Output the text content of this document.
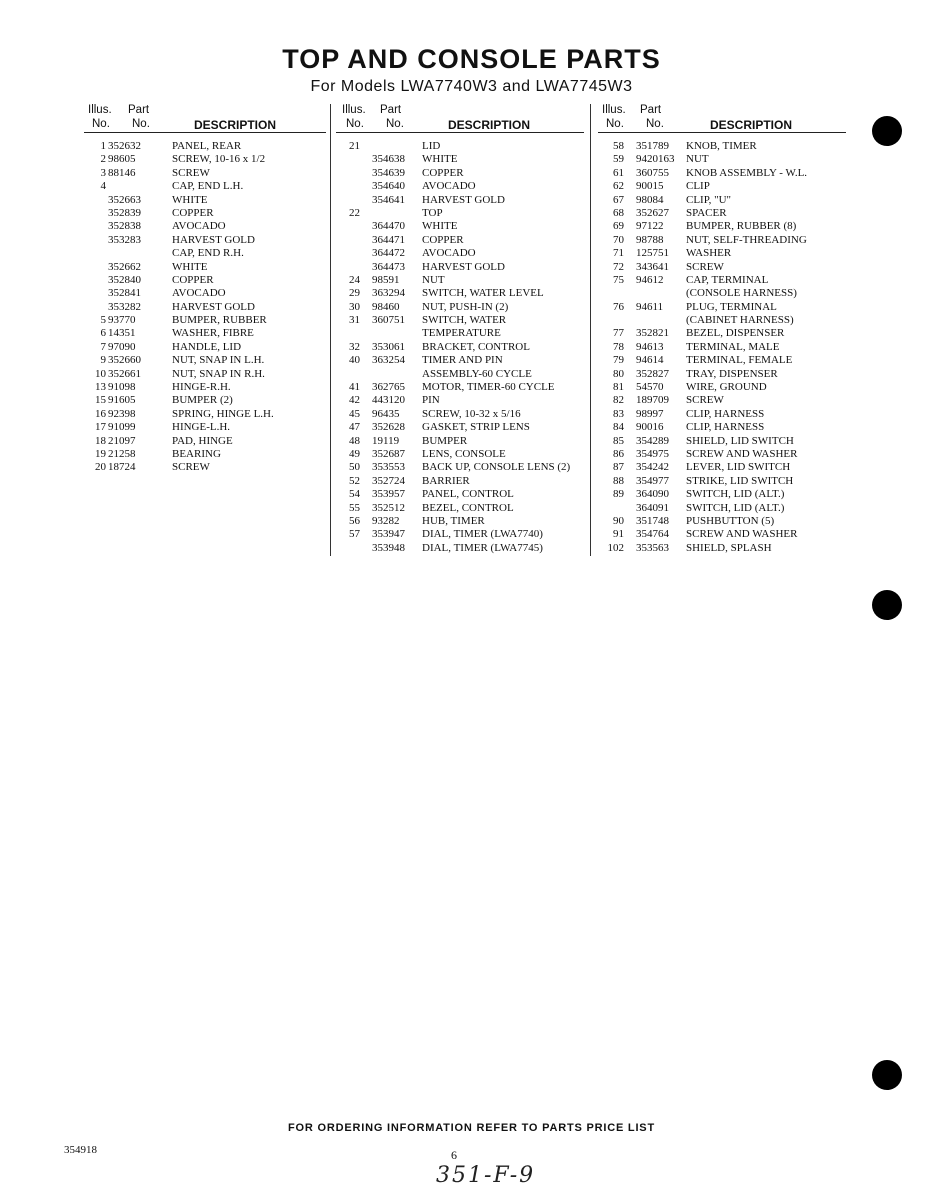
TOP AND CONSOLE PARTS
For Models LWA7740W3 and LWA7745W3
Illus. Part
No. No.	DESCRIPTION
1 352632	PANEL, REAR
2 98605	SCREW, 10-16 x 1/2
3 88146	SCREW
4	CAP, END L.H.
352663	WHITE
352839	COPPER
352838	AVOCADO
353283	HARVEST GOLD
CAP, END R.H.
352662	WHITE
352840	COPPER
352841	AVOCADO
353282	HARVEST GOLD
5 93770	BUMPER, RUBBER
6 14351	WASHER, FIBRE
7 97090	HANDLE, LID
9 352660	NUT, SNAP IN L.H.
10 352661	NUT, SNAP IN R.H.
13 91098	HINGE-R.H.
15 91605	BUMPER (2)
16 92398	SPRING, HINGE L.H.
17 91099	HINGE-L.H.
18 21097	PAD, HINGE
19 21258	BEARING
20 18724	SCREW
Illus. Part
No. No.	DESCRIPTION
21	LID
354638 WHITE
354639 COPPER
354640 AVOCADO
354641 HARVEST GOLD
22	TOP
364470 WHITE
364471 COPPER
364472 AVOCADO
364473 HARVEST GOLD
24 98591 NUT
29 363294 SWITCH, WATER LEVEL
30 98460 NUT, PUSH-IN (2)
31 360751 SWITCH, WATER
TEMPERATURE
32 353061 BRACKET, CONTROL
40 363254 TIMER AND PIN
ASSEMBLY-60 CYCLE
41 362765 MOTOR, TIMER-60 CYCLE
42 443120 PIN
45 96435 SCREW, 10-32 x 5/16
47 352628 GASKET, STRIP LENS
48 19119 BUMPER
49 352687 LENS, CONSOLE
50 353553 BACK UP, CONSOLE LENS (2)
52 352724 BARRIER
54 353957 PANEL, CONTROL
55 352512 BEZEL, CONTROL
56 93282 HUB, TIMER
57 353947 DIAL, TIMER (LWA7740)
353948 DIAL, TIMER (LWA7745)
Illus. Part
No. No.	DESCRIPTION
58 351789 KNOB, TIMER
59 9420163 NUT
61 360755 KNOB ASSEMBLY - W.L.
62 90015 CLIP
67 98084 CLIP, "U"
68 352627 SPACER
69 97122 BUMPER, RUBBER (8)
70 98788 NUT, SELF-THREADING
71 125751 WASHER
72 343641 SCREW
75 94612 CAP, TERMINAL
(CONSOLE HARNESS)
76 94611 PLUG, TERMINAL
(CABINET HARNESS)
77 352821 BEZEL, DISPENSER
78 94613 TERMINAL, MALE
79 94614 TERMINAL, FEMALE
80 352827 TRAY, DISPENSER
81 54570 WIRE, GROUND
82 189709 SCREW
83 98997 CLIP, HARNESS
84 90016 CLIP, HARNESS
85 354289 SHIELD, LID SWITCH
86 354975 SCREW AND WASHER
87 354242 LEVER, LID SWITCH
88 354977 STRIKE, LID SWITCH
89 364090 SWITCH, LID (ALT.)
364091 SWITCH, LID (ALT.)
90 351748 PUSHBUTTON (5)
91 354764 SCREW AND WASHER
102 353563 SHIELD, SPLASH
FOR ORDERING INFORMATION REFER TO PARTS PRICE LIST
354918	6
351-F-9
